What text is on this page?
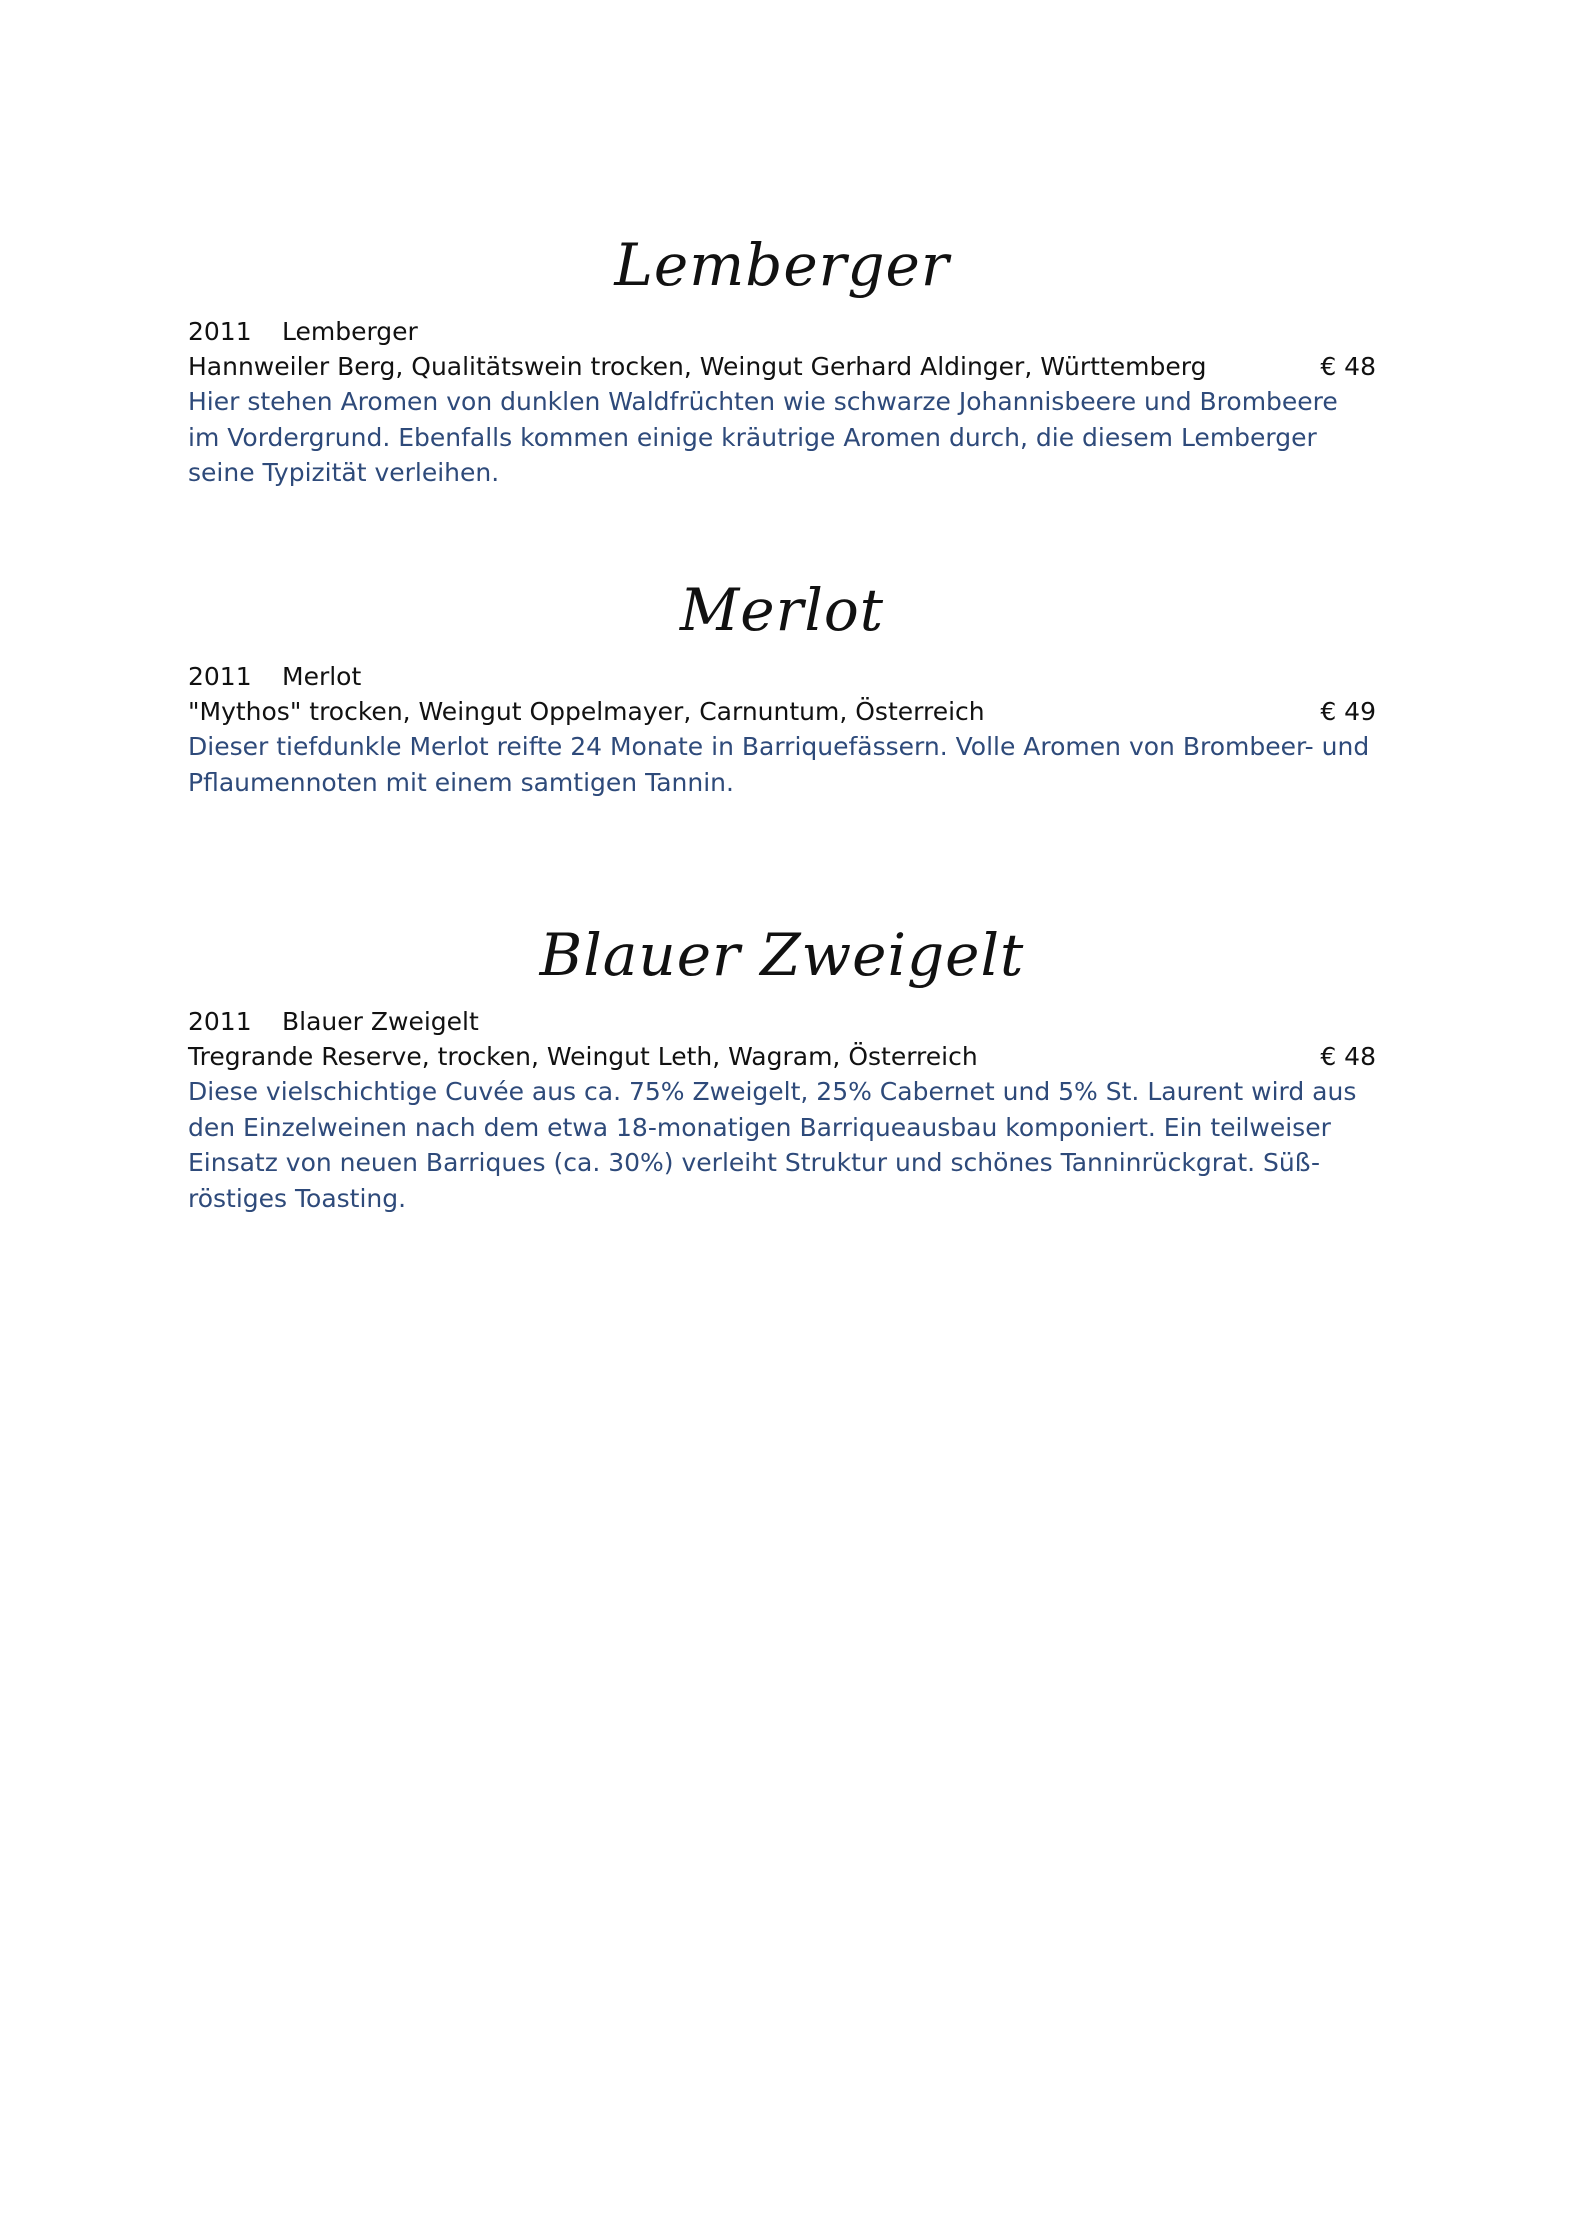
Lemberger
2011 Lemberger
Hannweiler Berg, Qualitätswein trocken, Weingut Gerhard Aldinger, Württemberg	€ 48
Hier stehen Aromen von dunklen Waldfrüchten wie schwarze Johannisbeere und Brombeere im Vordergrund. Ebenfalls kommen einige kräutrige Aromen durch, die diesem Lemberger seine Typizität verleihen.
Merlot
2011 Merlot
"Mythos" trocken, Weingut Oppelmayer, Carnuntum, Österreich	€ 49
Dieser tiefdunkle Merlot reifte 24 Monate in Barriquefässern. Volle Aromen von Brombeer- und Pflaumennoten mit einem samtigen Tannin.
Blauer Zweigelt
2011 Blauer Zweigelt
Tregrande Reserve, trocken, Weingut Leth, Wagram, Österreich	€ 48
Diese vielschichtige Cuvée aus ca. 75% Zweigelt, 25% Cabernet und 5% St. Laurent wird aus den Einzelweinen nach dem etwa 18-monatigen Barriqueausbau komponiert. Ein teilweiser Einsatz von neuen Barriques (ca. 30%) verleiht Struktur und schönes Tanninrückgrat. Süß-röstiges Toasting.
